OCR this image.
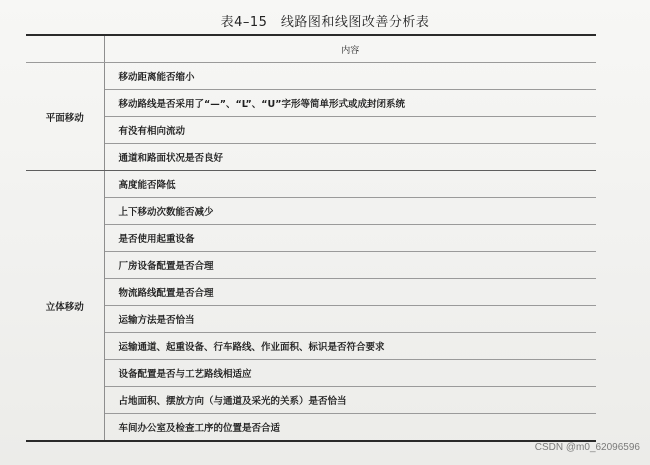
表4–15　线路图和线图改善分析表
	内容
平面移动	移动距离能否缩小
	移动路线是否采用了“—”、“L”、“U”字形等简单形式或成封闭系统
	有没有相向流动
	通道和路面状况是否良好
立体移动	高度能否降低
	上下移动次数能否减少
	是否使用起重设备
	厂房设备配置是否合理
	物流路线配置是否合理
	运输方法是否恰当
	运输通道、起重设备、行车路线、作业面积、标识是否符合要求
	设备配置是否与工艺路线相适应
	占地面积、摆放方向（与通道及采光的关系）是否恰当
	车间办公室及检查工序的位置是否合适
CSDN @m0_62096596
